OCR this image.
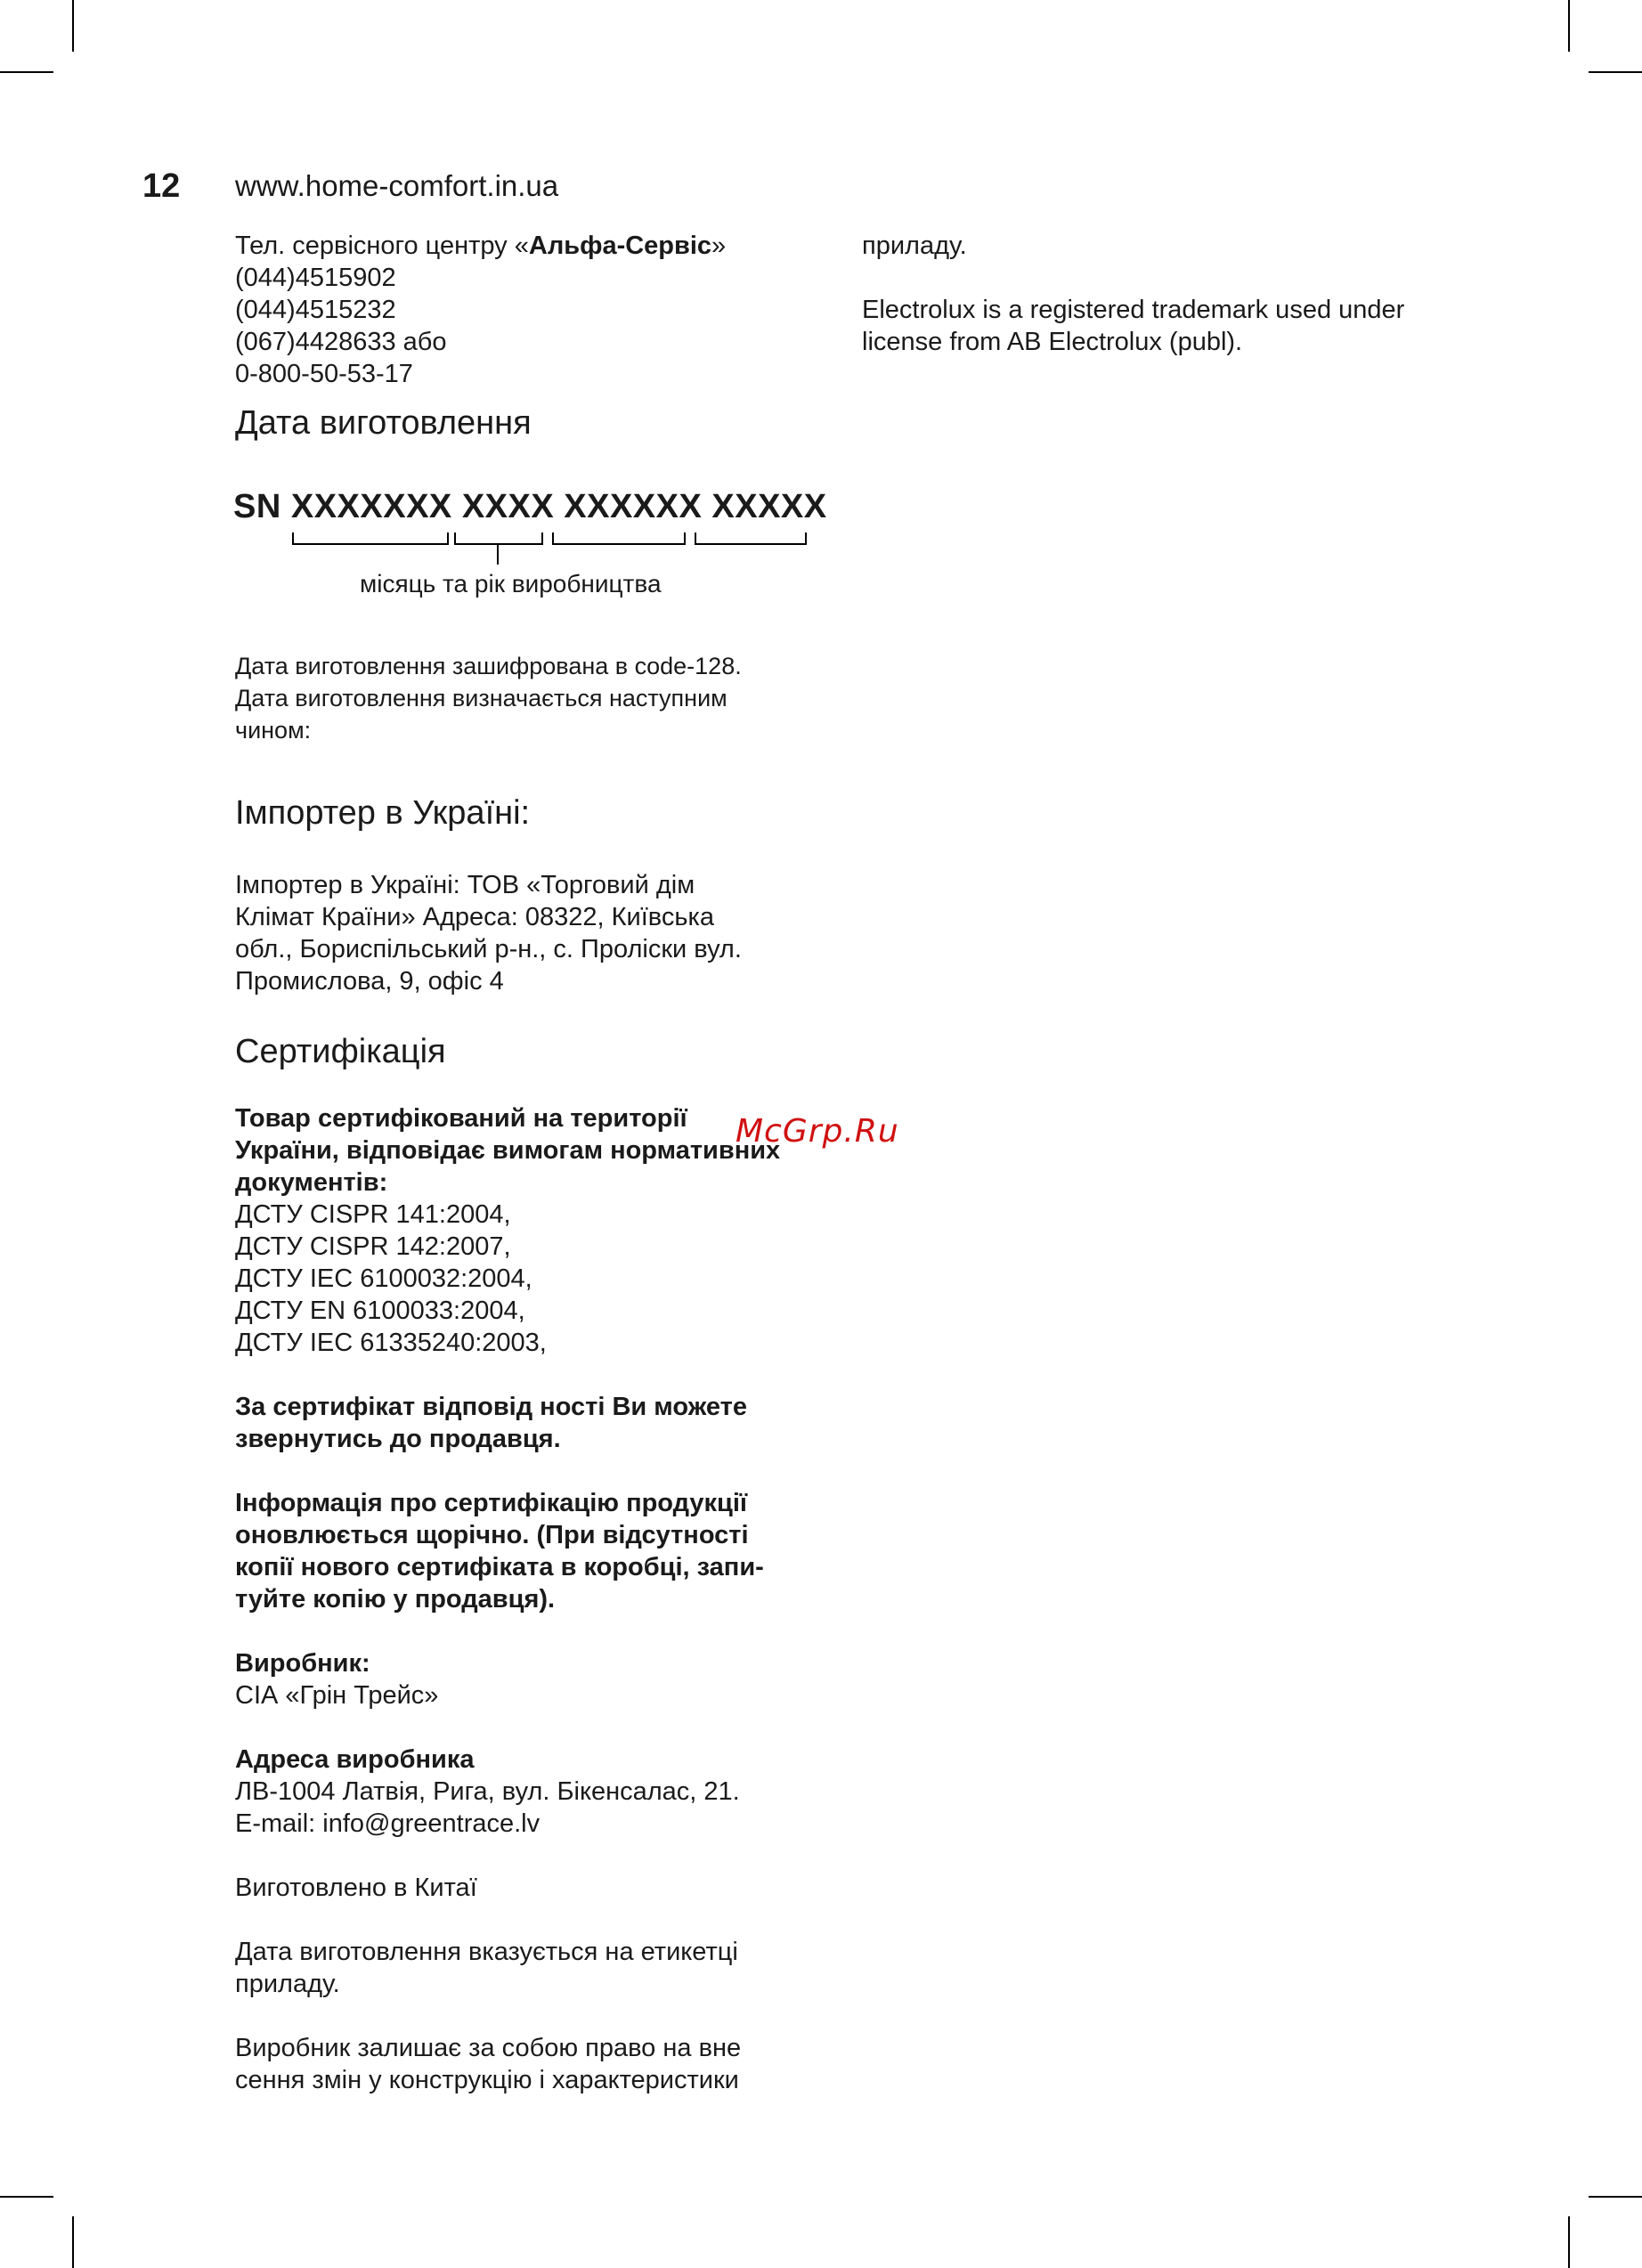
12 www.home-comfort.in.ua

Тел. сервісного центру «Альфа-Сервіс»
(044)4515902
(044)4515232
(067)4428633 або
0-800-50-53-17

Дата виготовлення
SN XXXXXXX XXXX XXXXXX XXXXX
місяць та рік виробництва

Дата виготовлення зашифрована в code-128.
Дата виготовлення визначається наступним
чином:

Імпортер в Україні:

Імпортер в Україні: ТОВ «Торговий дім
Клімат Країни» Адреса: 08322, Київська
обл., Бориспільський р-н., с. Пролiски вул.
Промислова, 9, офiс 4

Сертифікація

Товар сертифікований на території
України, відповідає вимогам нормативних
документів:

ДСТУ CISPR 141:2004,
ДСТУ CISPR 142:2007,
ДСТУ IEC 6100032:2004,
ДСТУ EN 6100033:2004,
ДСТУ IEC 61335240:2003,

За сертифікат відповід ності Ви можете
звернутись до продавця.

Інформація про сертифікацію продукції
оновлюється щорічно. (При відсутності
копії нового сертифіката в коробці, запи-
туйте копію у продавця).

Виробник:
СІА «Грін Трейс»

Адреса виробника
ЛВ-1004 Латвія, Рига, вул. Бікенсалас, 21.
E-mail: info@greentrace.lv

Виготовлено в Китаї

Дата виготовлення вказується на етикетці
приладу.

Виробник залишає за собою право на вне
сення змін у конструкцію і характеристики

приладу.

Electrolux is a registered trademark used under
license from AB Electrolux (publ).

McGrp.Ru
